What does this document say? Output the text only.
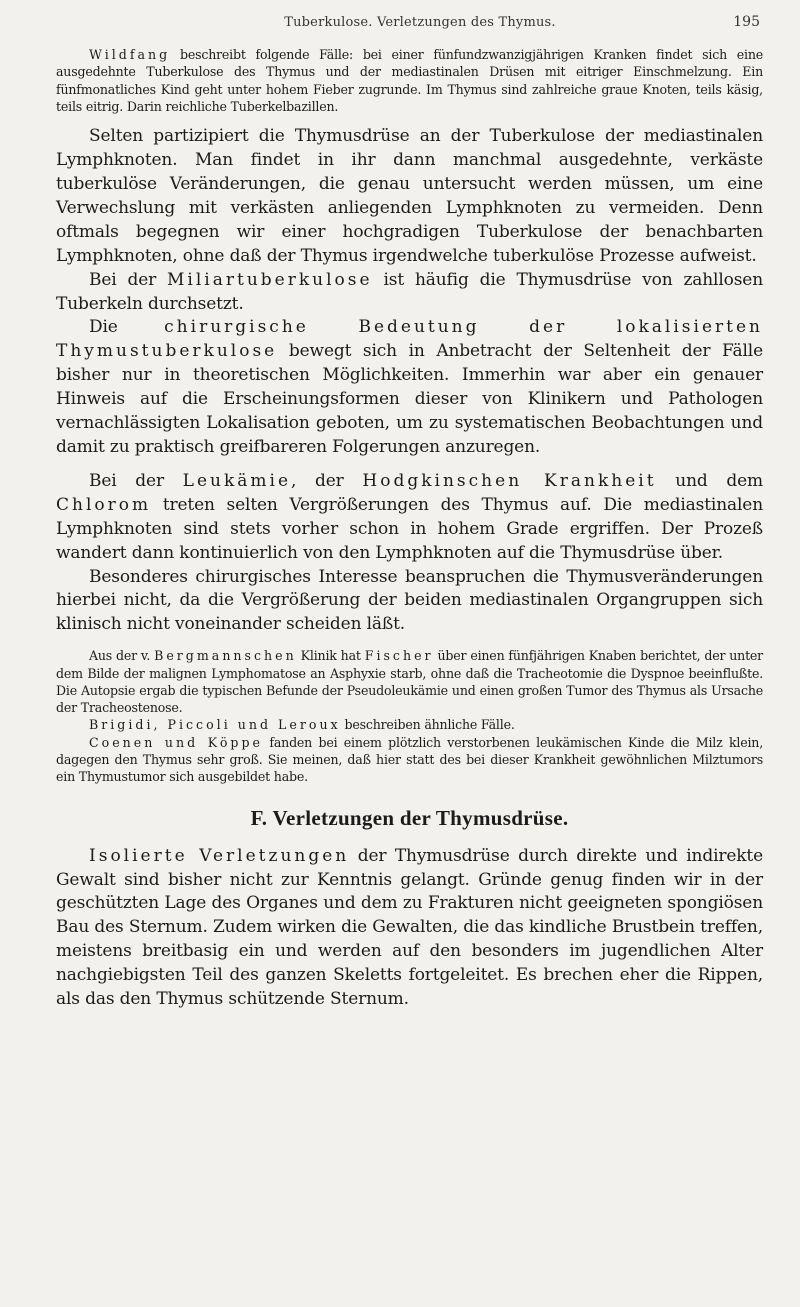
Tuberkulose. Verletzungen des Thymus.	195

Wildfang beschreibt folgende Fälle: bei einer fünfundzwanzigjährigen Kranken findet sich eine ausgedehnte Tuberkulose des Thymus und der mediastinalen Drüsen mit eitriger Einschmelzung. Ein fünfmonatliches Kind geht unter hohem Fieber zugrunde. Im Thymus sind zahlreiche graue Knoten, teils käsig, teils eitrig. Darin reichliche Tuberkelbazillen.

Selten partizipiert die Thymusdrüse an der Tuberkulose der mediastinalen Lymphknoten. Man findet in ihr dann manchmal ausgedehnte, verkäste tuberkulöse Veränderungen, die genau untersucht werden müssen, um eine Verwechslung mit verkästen anliegenden Lymphknoten zu vermeiden. Denn oftmals begegnen wir einer hochgradigen Tuberkulose der benachbarten Lymphknoten, ohne daß der Thymus irgendwelche tuberkulöse Prozesse aufweist.

Bei der Miliartuberkulose ist häufig die Thymusdrüse von zahllosen Tuberkeln durchsetzt.

Die chirurgische Bedeutung der lokalisierten Thymustuberkulose bewegt sich in Anbetracht der Seltenheit der Fälle bisher nur in theoretischen Möglichkeiten. Immerhin war aber ein genauer Hinweis auf die Erscheinungsformen dieser von Klinikern und Pathologen vernachlässigten Lokalisation geboten, um zu systematischen Beobachtungen und damit zu praktisch greifbareren Folgerungen anzuregen.

Bei der Leukämie, der Hodgkinschen Krankheit und dem Chlorom treten selten Vergrößerungen des Thymus auf. Die mediastinalen Lymphknoten sind stets vorher schon in hohem Grade ergriffen. Der Prozeß wandert dann kontinuierlich von den Lymphknoten auf die Thymusdrüse über.

Besonderes chirurgisches Interesse beanspruchen die Thymusveränderungen hierbei nicht, da die Vergrößerung der beiden mediastinalen Organgruppen sich klinisch nicht voneinander scheiden läßt.

Aus der v. Bergmannschen Klinik hat Fischer über einen fünfjährigen Knaben berichtet, der unter dem Bilde der malignen Lymphomatose an Asphyxie starb, ohne daß die Tracheotomie die Dyspnoe beeinflußte. Die Autopsie ergab die typischen Befunde der Pseudoleukämie und einen großen Tumor des Thymus als Ursache der Tracheostenose.

Brigidi, Piccoli und Leroux beschreiben ähnliche Fälle.

Coenen und Köppe fanden bei einem plötzlich verstorbenen leukämischen Kinde die Milz klein, dagegen den Thymus sehr groß. Sie meinen, daß hier statt des bei dieser Krankheit gewöhnlichen Milztumors ein Thymustumor sich ausgebildet habe.

F. Verletzungen der Thymusdrüse.

Isolierte Verletzungen der Thymusdrüse durch direkte und indirekte Gewalt sind bisher nicht zur Kenntnis gelangt. Gründe genug finden wir in der geschützten Lage des Organes und dem zu Frakturen nicht geeigneten spongiösen Bau des Sternum. Zudem wirken die Gewalten, die das kindliche Brustbein treffen, meistens breitbasig ein und werden auf den besonders im jugendlichen Alter nachgiebigsten Teil des ganzen Skeletts fortgeleitet. Es brechen eher die Rippen, als das den Thymus schützende Sternum.
